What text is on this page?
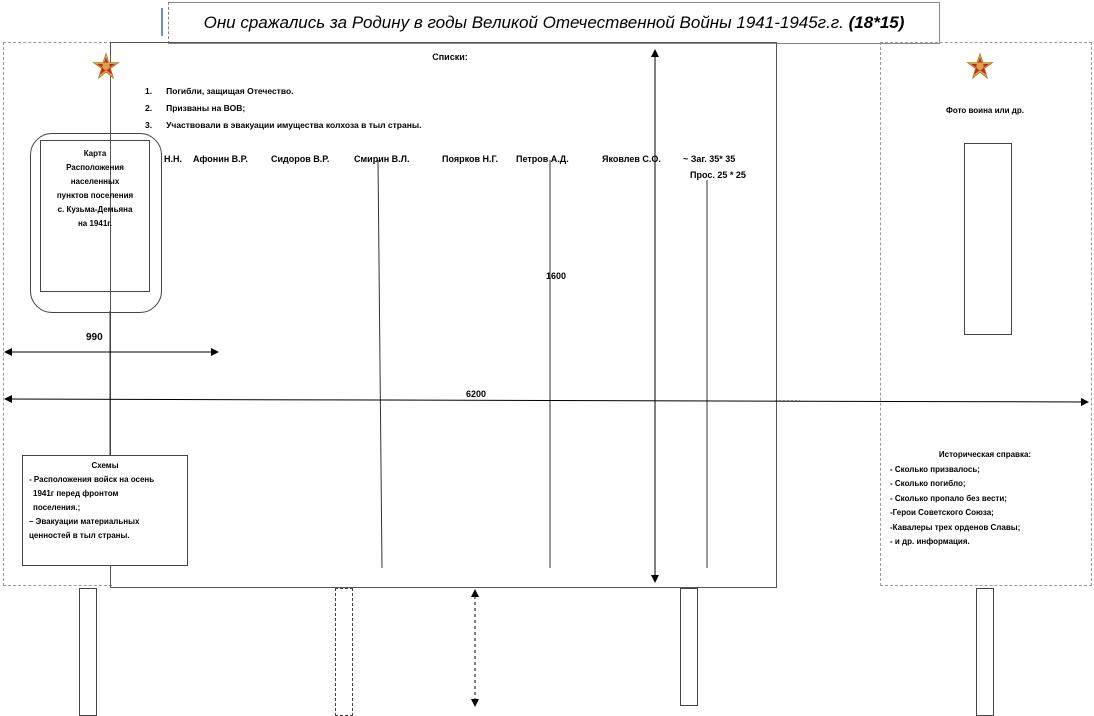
Они сражались за Родину в годы Великой Отечественной Войны 1941-1945г.г. (18*15)
Списки:
1. Погибли, защищая Отечество.
2. Призваны на ВОВ;
3. Участвовали в эвакуации имущества колхоза в тыл страны.
Н.Н. Афонин В.Р.	Сидоров В.Р.	Смирин В.Л.	Поярков Н.Г. Петров А.Д.	Яковлев С.О. ~ Заг. 35* 35
Прос. 25 * 25
1600
6200
Карта
Расположения
населенных
пунктов поселения
с. Кузьма-Демьяна
на 1941г.
990
Схемы
- Расположения войск на осень
1941г перед фронтом
поселения.;
– Эвакуации материальных
ценностей в тыл страны.
Фото воина или др.
Историческая справка:
- Сколько призвалось;
- Сколько погибло;
- Сколько пропало без вести;
-Герои Советского Союза;
-Кавалеры трех орденов Славы;
- и др. информация.
